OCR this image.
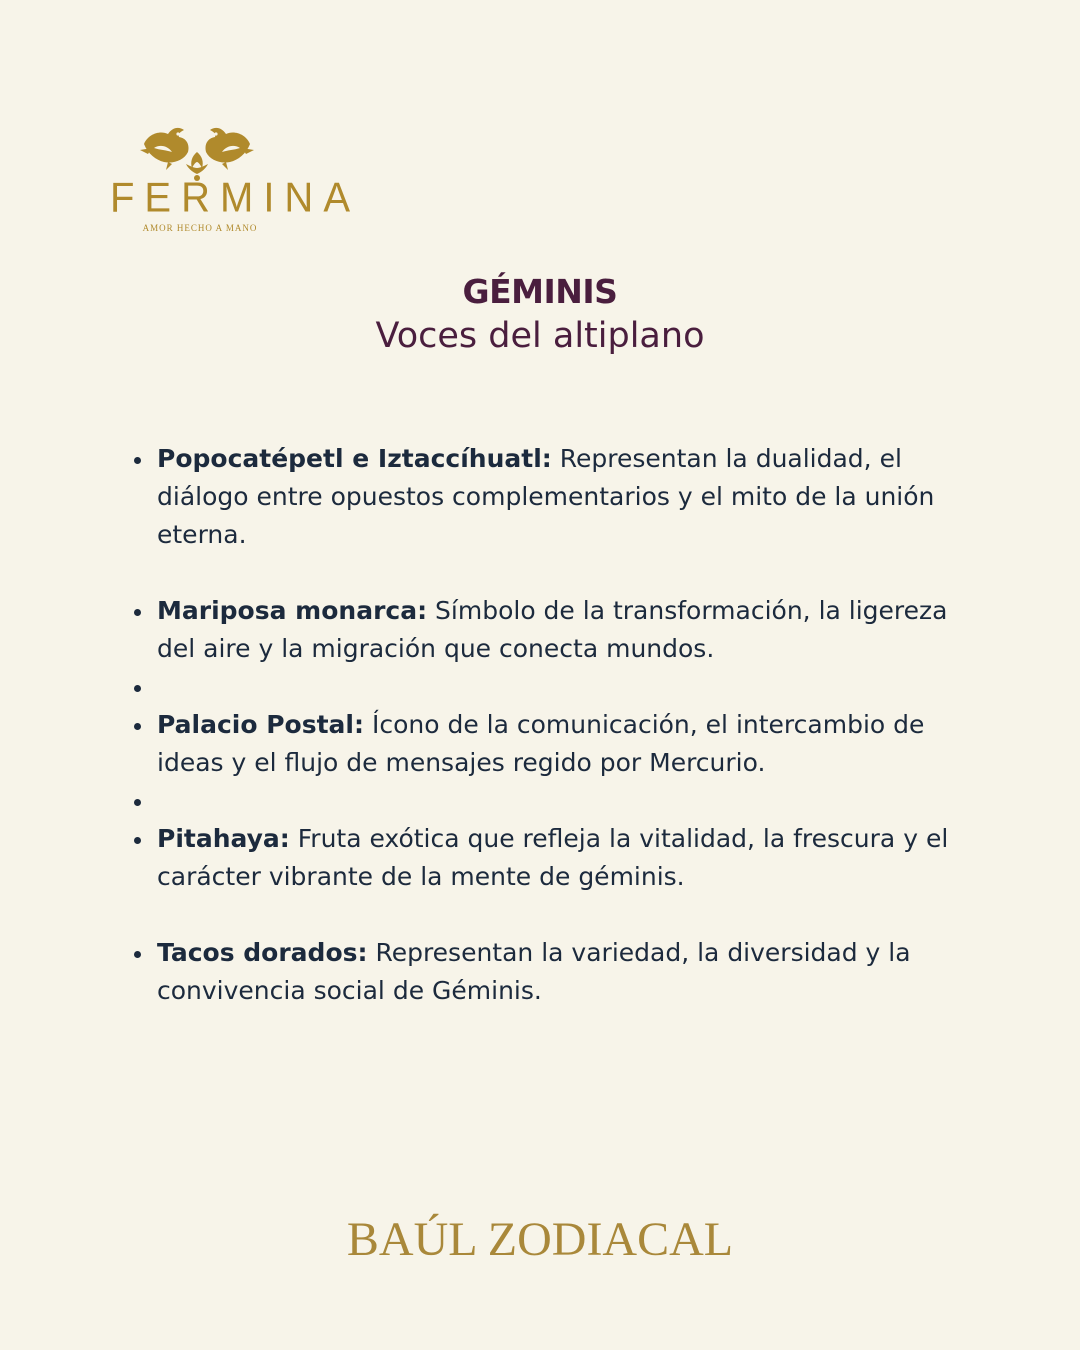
FERMINA
AMOR HECHO A MANO
GÉMINIS

Voces del altiplano

Popocatépetl e Iztaccíhuatl: Representan la dualidad, el diálogo entre opuestos complementarios y el mito de la unión eterna.
Mariposa monarca: Símbolo de la transformación, la ligereza del aire y la migración que conecta mundos.
Palacio Postal: Ícono de la comunicación, el intercambio de ideas y el flujo de mensajes regido por Mercurio.
Pitahaya: Fruta exótica que refleja la vitalidad, la frescura y el carácter vibrante de la mente de géminis.
Tacos dorados: Representan la variedad, la diversidad y la convivencia social de Géminis.
BAÚL ZODIACAL
